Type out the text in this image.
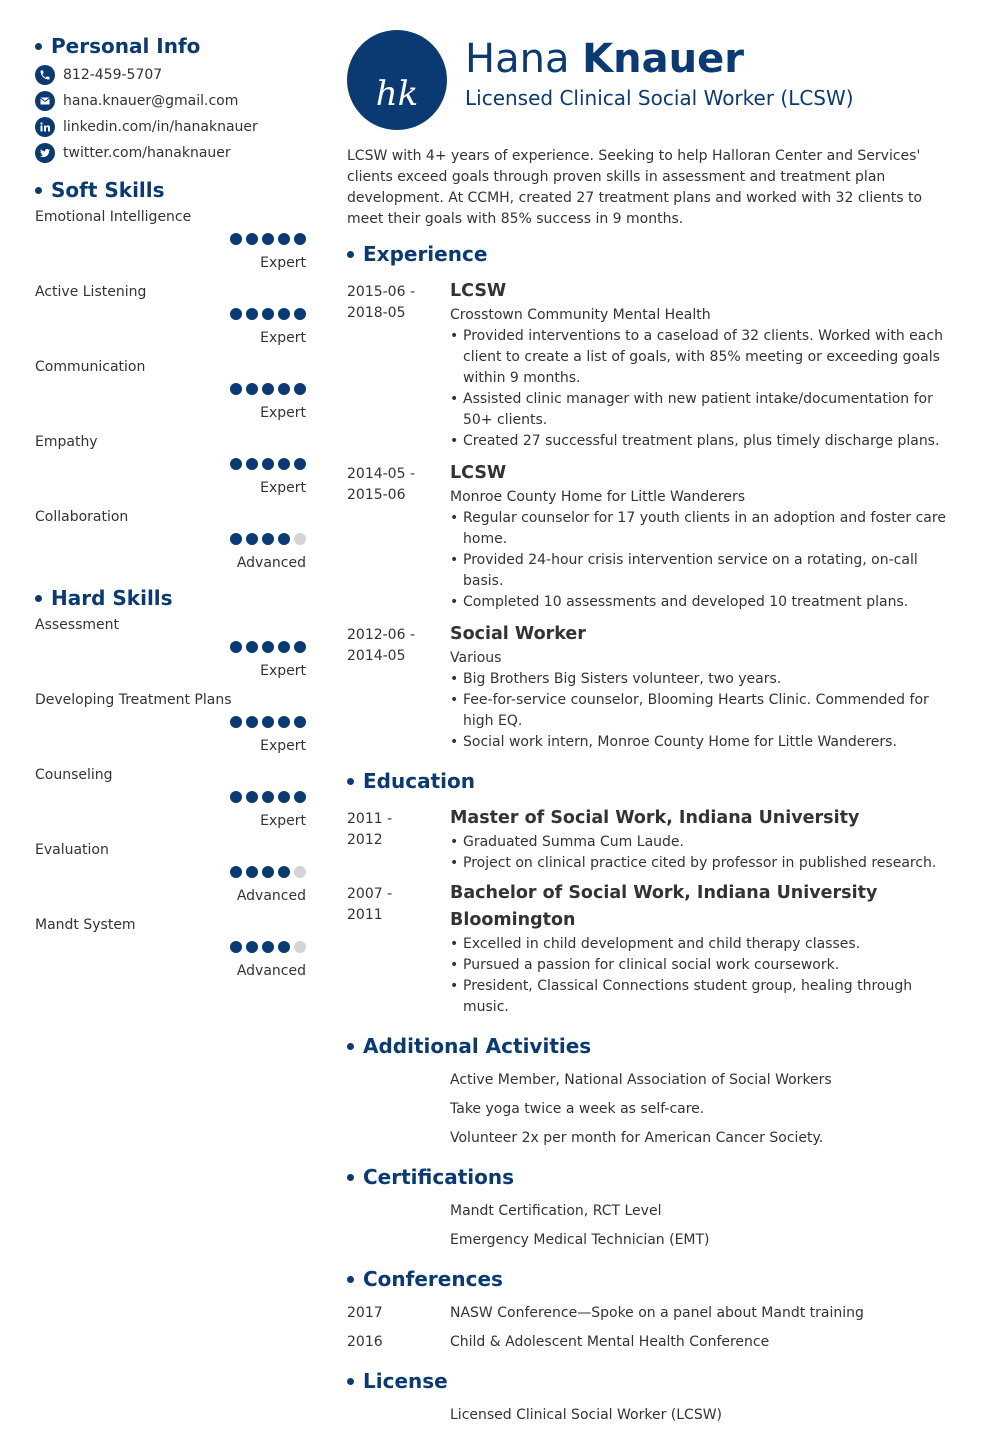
Personal Info
812-459-5707
hana.knauer@gmail.com
linkedin.com/in/hanaknauer
twitter.com/hanaknauer
Soft Skills
Emotional Intelligence
Expert
Active Listening
Expert
Communication
Expert
Empathy
Expert
Collaboration
Advanced
Hard Skills
Assessment
Expert
Developing Treatment Plans
Expert
Counseling
Expert
Evaluation
Advanced
Mandt System
Advanced
hk
Hana Knauer
Licensed Clinical Social Worker (LCSW)
LCSW with 4+ years of experience. Seeking to help Halloran Center and Services' clients exceed goals through proven skills in assessment and treatment plan development. At CCMH, created 27 treatment plans and worked with 32 clients to meet their goals with 85% success in 9 months.
Experience
2015-06 -
2018-05
LCSW
Crosstown Community Mental Health
• Provided interventions to a caseload of 32 clients. Worked with each client to create a list of goals, with 85% meeting or exceeding goals within 9 months.
• Assisted clinic manager with new patient intake/documentation for 50+ clients.
• Created 27 successful treatment plans, plus timely discharge plans.
2014-05 -
2015-06
LCSW
Monroe County Home for Little Wanderers
• Regular counselor for 17 youth clients in an adoption and foster care home.
• Provided 24-hour crisis intervention service on a rotating, on-call basis.
• Completed 10 assessments and developed 10 treatment plans.
2012-06 -
2014-05
Social Worker
Various
• Big Brothers Big Sisters volunteer, two years.
• Fee-for-service counselor, Blooming Hearts Clinic. Commended for high EQ.
• Social work intern, Monroe County Home for Little Wanderers.
Education
2011 -
2012
Master of Social Work, Indiana University
• Graduated Summa Cum Laude.
• Project on clinical practice cited by professor in published research.
2007 -
2011
Bachelor of Social Work, Indiana University Bloomington
• Excelled in child development and child therapy classes.
• Pursued a passion for clinical social work coursework.
• President, Classical Connections student group, healing through music.
Additional Activities
Active Member, National Association of Social Workers
Take yoga twice a week as self-care.
Volunteer 2x per month for American Cancer Society.
Certifications
Mandt Certification, RCT Level
Emergency Medical Technician (EMT)
Conferences
2017	NASW Conference—Spoke on a panel about Mandt training
2016	Child & Adolescent Mental Health Conference
License
Licensed Clinical Social Worker (LCSW)
